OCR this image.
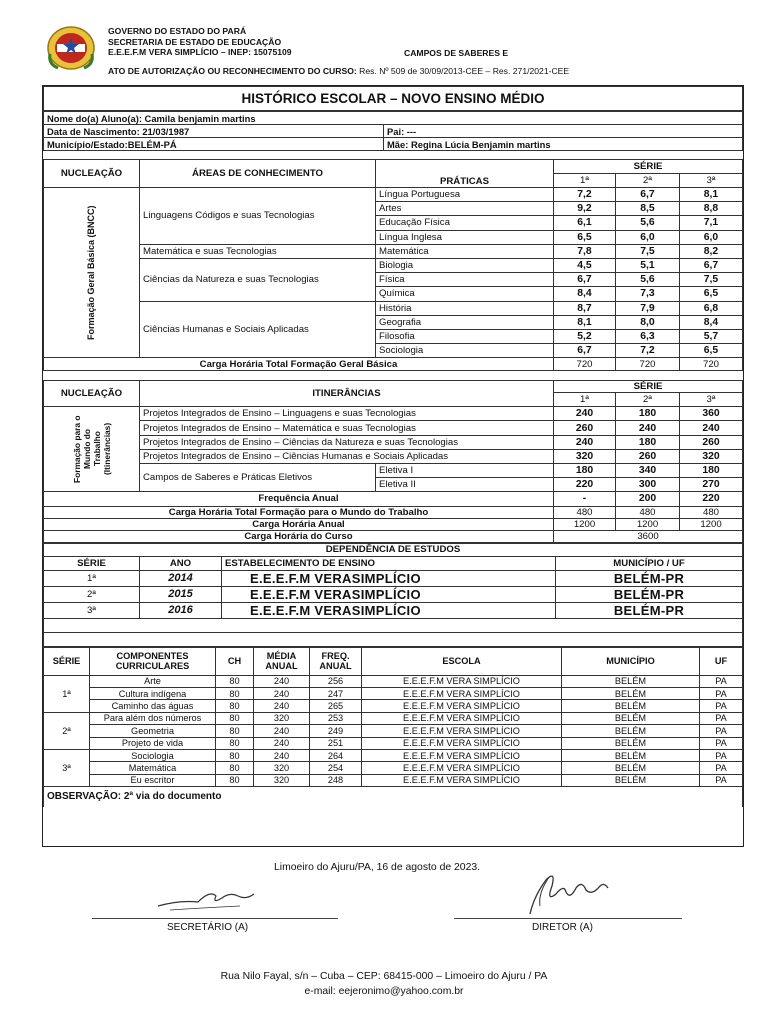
GOVERNO DO ESTADO DO PARÁ
SECRETARIA DE ESTADO DE EDUCAÇÃO
E.E.E.F.M VERA SIMPLÍCIO – INEP: 15075109	CAMPOS DE SABERES E
ATO DE AUTORIZAÇÃO OU RECONHECIMENTO DO CURSO: Res. Nº 509 de 30/09/2013-CEE – Res. 271/2021-CEE
HISTÓRICO ESCOLAR – NOVO ENSINO MÉDIO
Nome do(a) Aluno(a): Camila benjamin martins	
Data de Nascimento: 21/03/1987	Pai: ---
Município/Estado:BELÉM-PÁ	Mãe: Regina Lúcia Benjamin martins
NUCLEAÇÃO	ÁREAS DE CONHECIMENTO	PRÁTICAS	SÉRIE		
			1ª	2ª	3ª

Formação Geral Básica (BNCC)	Linguagens Códigos e suas Tecnologias	Língua Portuguesa	7,2	6,7	8,1
		Artes	9,2	8,5	8,8
		Educação Física	6,1	5,6	7,1
		Língua Inglesa	6,5	6,0	6,0
	Matemática e suas Tecnologias	Matemática	7,8	7,5	8,2
	Ciências da Natureza e suas Tecnologias	Biologia	4,5	5,1	6,7
		Física	6,7	5,6	7,5
		Química	8,4	7,3	6,5
	Ciências Humanas e Sociais Aplicadas	História	8,7	7,9	6,8
		Geografia	8,1	8,0	8,4
		Filosofia	5,2	6,3	5,7
		Sociologia	6,7	7,2	6,5
Carga Horária Total Formação Geral Básica			720	720	720
NUCLEAÇÃO	ITINERÂNCIAS		SÉRIE		
			1ª	2ª	3ª

Formação para o Mundo do Trabalho (Itinerâncias)	Projetos Integrados de Ensino – Linguagens e suas Tecnologias		240	180	360
	Projetos Integrados de Ensino – Matemática e suas Tecnologias		260	240	240
	Projetos Integrados de Ensino – Ciências da Natureza e suas Tecnologias		240	180	260
	Projetos Integrados de Ensino – Ciências Humanas e Sociais Aplicadas		320	260	320
	Campos de Saberes e Práticas Eletivos	Eletiva I	180	340	180
		Eletiva II	220	300	270
Frequência Anual			-	200	220
Carga Horária Total Formação para o Mundo do Trabalho			480	480	480
Carga Horária Anual			1200	1200	1200
Carga Horária do Curso			3600		
DEPENDÊNCIA DE ESTUDOS			
SÉRIE	ANO	ESTABELECIMENTO DE ENSINO	MUNICÍPIO / UF
1ª	2014	E.E.E.F.M VERASIMPLÍCIO	BELÉM-PR
2ª	2015	E.E.E.F.M VERASIMPLÍCIO	BELÉM-PR
3ª	2016	E.E.E.F.M VERASIMPLÍCIO	BELÉM-PR

SÉRIE	COMPONENTES CURRICULARES	CH	MÉDIA ANUAL	FREQ. ANUAL	ESCOLA	MUNICÍPIO	UF
1ª	Arte	80	240	256	E.E.E.F.M VERA SIMPLÍCIO	BELÉM	PA
	Cultura indígena	80	240	247	E.E.E.F.M VERA SIMPLÍCIO	BELÉM	PA
	Caminho das águas	80	240	265	E.E.E.F.M VERA SIMPLÍCIO	BELÉM	PA
2ª	Para além dos números	80	320	253	E.E.E.F.M VERA SIMPLÍCIO	BELÉM	PA
	Geometria	80	240	249	E.E.E.F.M VERA SIMPLÍCIO	BELÉM	PA
	Projeto de vida	80	240	251	E.E.E.F.M VERA SIMPLÍCIO	BELÉM	PA
3ª	Sociologia	80	240	264	E.E.E.F.M VERA SIMPLÍCIO	BELÉM	PA
	Matemática	80	320	254	E.E.E.F.M VERA SIMPLÍCIO	BELÉM	PA
	Eu escritor	80	320	248	E.E.E.F.M VERA SIMPLÍCIO	BELÉM	PA
OBSERVAÇÃO: 2ª via do documento							
Limoeiro do Ajuru/PA, 16 de agosto de 2023.
SECRETÁRIO (A)	DIRETOR (A)
Rua Nilo Fayal, s/n – Cuba – CEP: 68415-000 – Limoeiro do Ajuru / PA
e-mail: eejeronimo@yahoo.com.br
